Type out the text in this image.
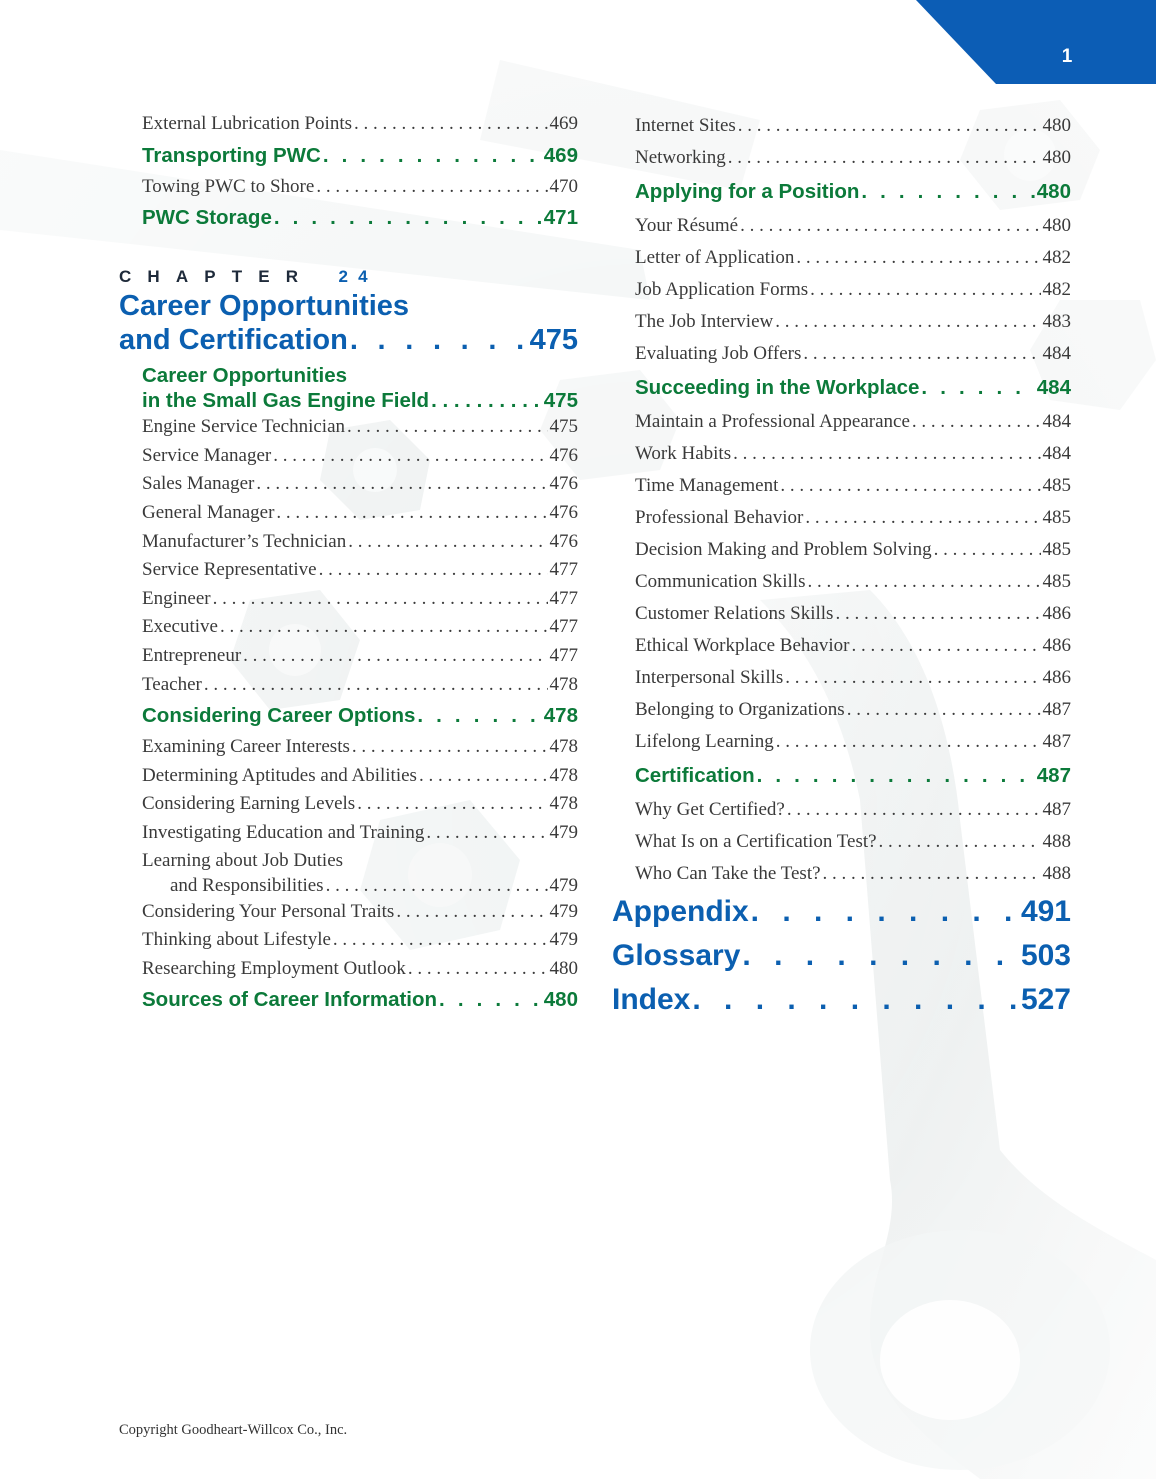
1
External Lubrication Points . . .	469
Transporting PWC . . .	469
Towing PWC to Shore . . .	470
PWC Storage . . .	471
CHAPTER 24
Career Opportunities
and Certification . . .	475
Career Opportunities
in the Small Gas Engine Field . . .	475
Engine Service Technician . . .	475
Service Manager . . .	476
Sales Manager . . .	476
General Manager . . .	476
Manufacturer’s Technician . . .	476
Service Representative . . .	477
Engineer . . .	477
Executive . . .	477
Entrepreneur . . .	477
Teacher . . .	478
Considering Career Options . . .	478
Examining Career Interests . . .	478
Determining Aptitudes and Abilities . . .	478
Considering Earning Levels . . .	478
Investigating Education and Training . . .	479
Learning about Job Duties
and Responsibilities . . .	479
Considering Your Personal Traits . . .	479
Thinking about Lifestyle . . .	479
Researching Employment Outlook . . .	480
Sources of Career Information . . .	480
Internet Sites . . .	480
Networking . . .	480
Applying for a Position . . .	480
Your Résumé . . .	480
Letter of Application . . .	482
Job Application Forms . . .	482
The Job Interview . . .	483
Evaluating Job Offers . . .	484
Succeeding in the Workplace . . .	484
Maintain a Professional Appearance . . .	484
Work Habits . . .	484
Time Management . . .	485
Professional Behavior . . .	485
Decision Making and Problem Solving . . .	485
Communication Skills . . .	485
Customer Relations Skills . . .	486
Ethical Workplace Behavior . . .	486
Interpersonal Skills . . .	486
Belonging to Organizations . . .	487
Lifelong Learning . . .	487
Certification . . .	487
Why Get Certified? . . .	487
What Is on a Certification Test? . . .	488
Who Can Take the Test? . . .	488
Appendix . . .	491
Glossary . . .	503
Index . . .	527
Copyright Goodheart-Willcox Co., Inc.
